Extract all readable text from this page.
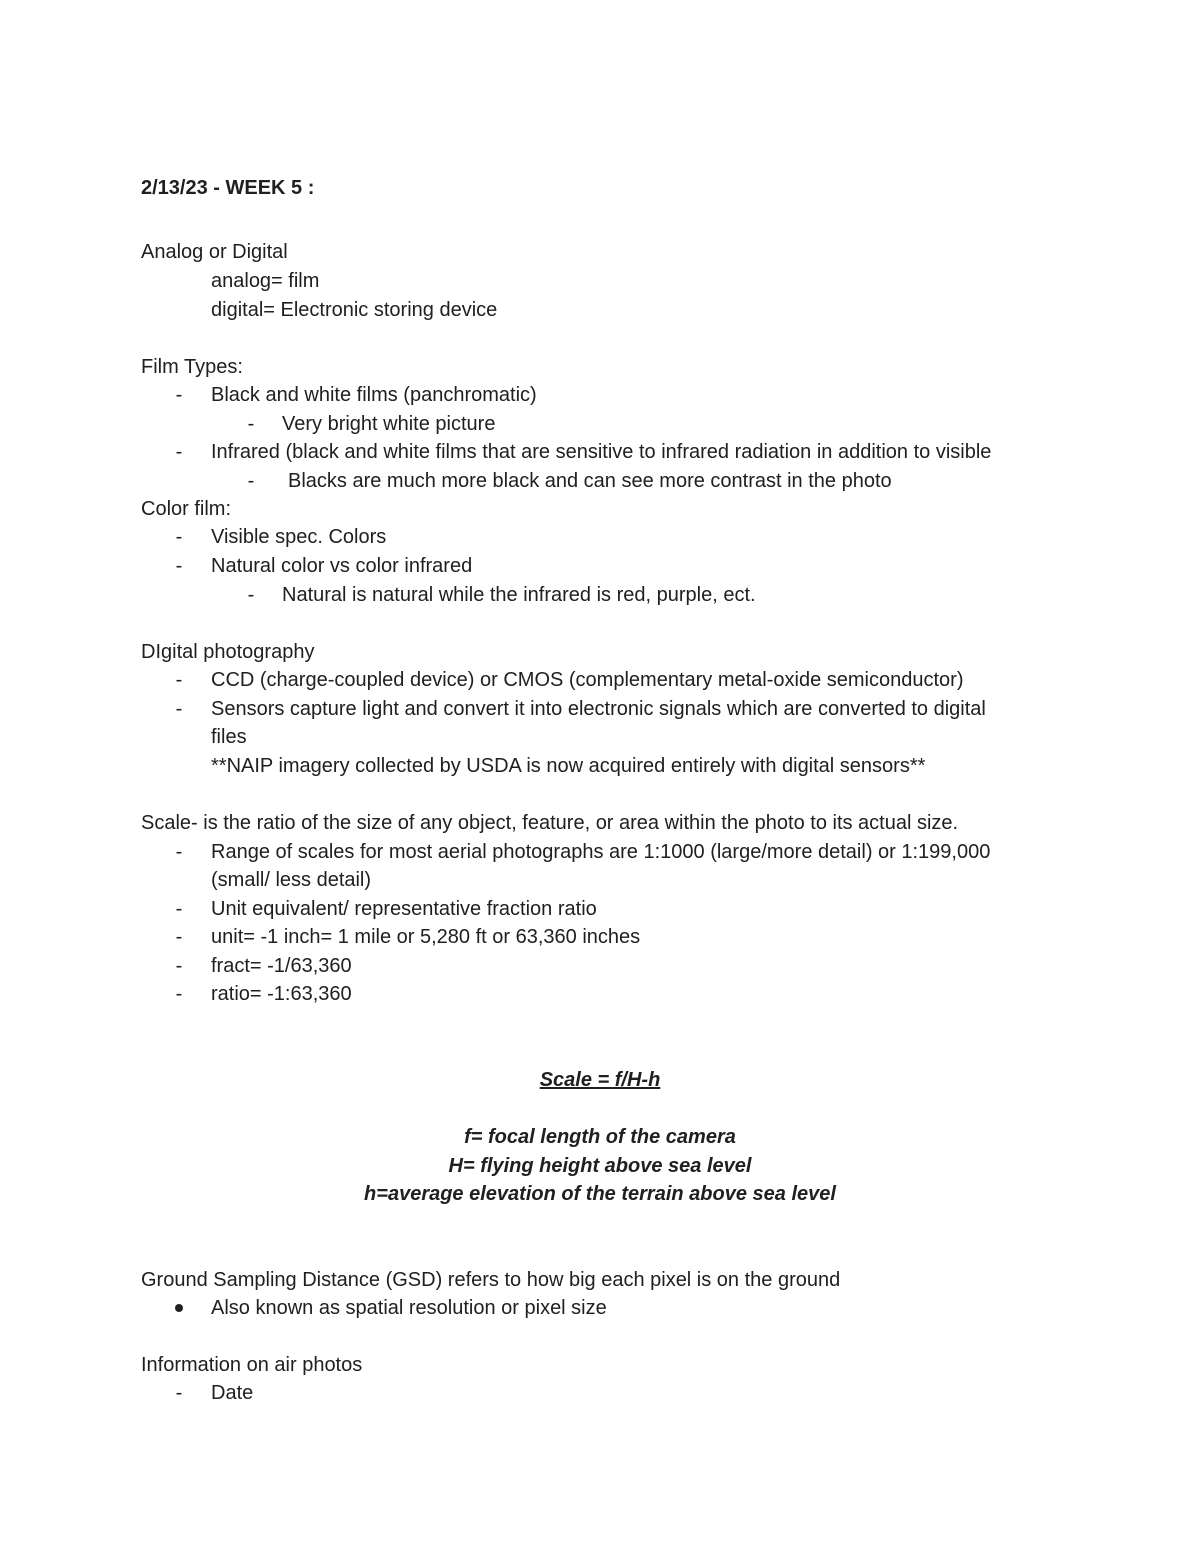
2/13/23 - WEEK 5 :
Analog or Digital
analog= film
digital= Electronic storing device
Film Types:
- Black and white films (panchromatic)
- Very bright white picture
- Infrared (black and white films that are sensitive to infrared radiation in addition to visible
- Blacks are much more black and can see more contrast in the photo
Color film:
- Visible spec. Colors
- Natural color vs color infrared
- Natural is natural while the infrared is red, purple, ect.
DIgital photography
- CCD (charge-coupled device) or CMOS (complementary metal-oxide semiconductor)
- Sensors capture light and convert it into electronic signals which are converted to digital
files
**NAIP imagery collected by USDA is now acquired entirely with digital sensors**
Scale- is the ratio of the size of any object, feature, or area within the photo to its actual size.
- Range of scales for most aerial photographs are 1:1000 (large/more detail) or 1:199,000
(small/ less detail)
- Unit equivalent/ representative fraction ratio
- unit= -1 inch= 1 mile or 5,280 ft or 63,360 inches
- fract= -1/63,360
- ratio= -1:63,360
Scale = f/H-h
f= focal length of the camera
H= flying height above sea level
h=average elevation of the terrain above sea level
Ground Sampling Distance (GSD) refers to how big each pixel is on the ground
Also known as spatial resolution or pixel size
Information on air photos
- Date
